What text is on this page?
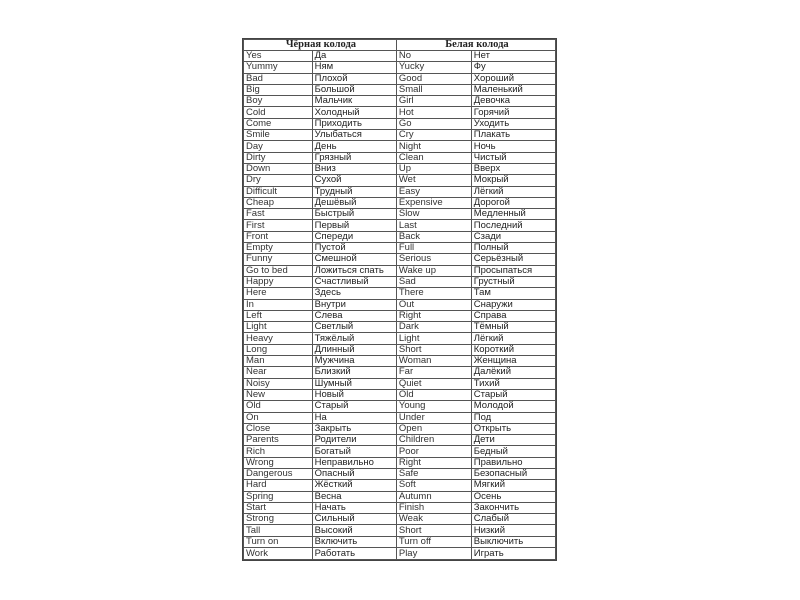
Чёрная колода		Белая колода	
Yes	Да	No	Нет
Yummy	Ням	Yucky	Фу
Bad	Плохой	Good	Хороший
Big	Большой	Small	Маленький
Boy	Мальчик	Girl	Девочка
Cold	Холодный	Hot	Горячий
Come	Приходить	Go	Уходить
Smile	Улыбаться	Cry	Плакать
Day	День	Night	Ночь
Dirty	Грязный	Clean	Чистый
Down	Вниз	Up	Вверх
Dry	Сухой	Wet	Мокрый
Difficult	Трудный	Easy	Лёгкий
Cheap	Дешёвый	Expensive	Дорогой
Fast	Быстрый	Slow	Медленный
First	Первый	Last	Последний
Front	Спереди	Back	Сзади
Empty	Пустой	Full	Полный
Funny	Смешной	Serious	Серьёзный
Go to bed	Ложиться спать	Wake up	Просыпаться
Happy	Счастливый	Sad	Грустный
Here	Здесь	There	Там
In	Внутри	Out	Снаружи
Left	Слева	Right	Справа
Light	Светлый	Dark	Тёмный
Heavy	Тяжёлый	Light	Лёгкий
Long	Длинный	Short	Короткий
Man	Мужчина	Woman	Женщина
Near	Близкий	Far	Далёкий
Noisy	Шумный	Quiet	Тихий
New	Новый	Old	Старый
Old	Старый	Young	Молодой
On	На	Under	Под
Close	Закрыть	Open	Открыть
Parents	Родители	Children	Дети
Rich	Богатый	Poor	Бедный
Wrong	Неправильно	Right	Правильно
Dangerous	Опасный	Safe	Безопасный
Hard	Жёсткий	Soft	Мягкий
Spring	Весна	Autumn	Осень
Start	Начать	Finish	Закончить
Strong	Сильный	Weak	Слабый
Tall	Высокий	Short	Низкий
Turn on	Включить	Turn off	Выключить
Work	Работать	Play	Играть
